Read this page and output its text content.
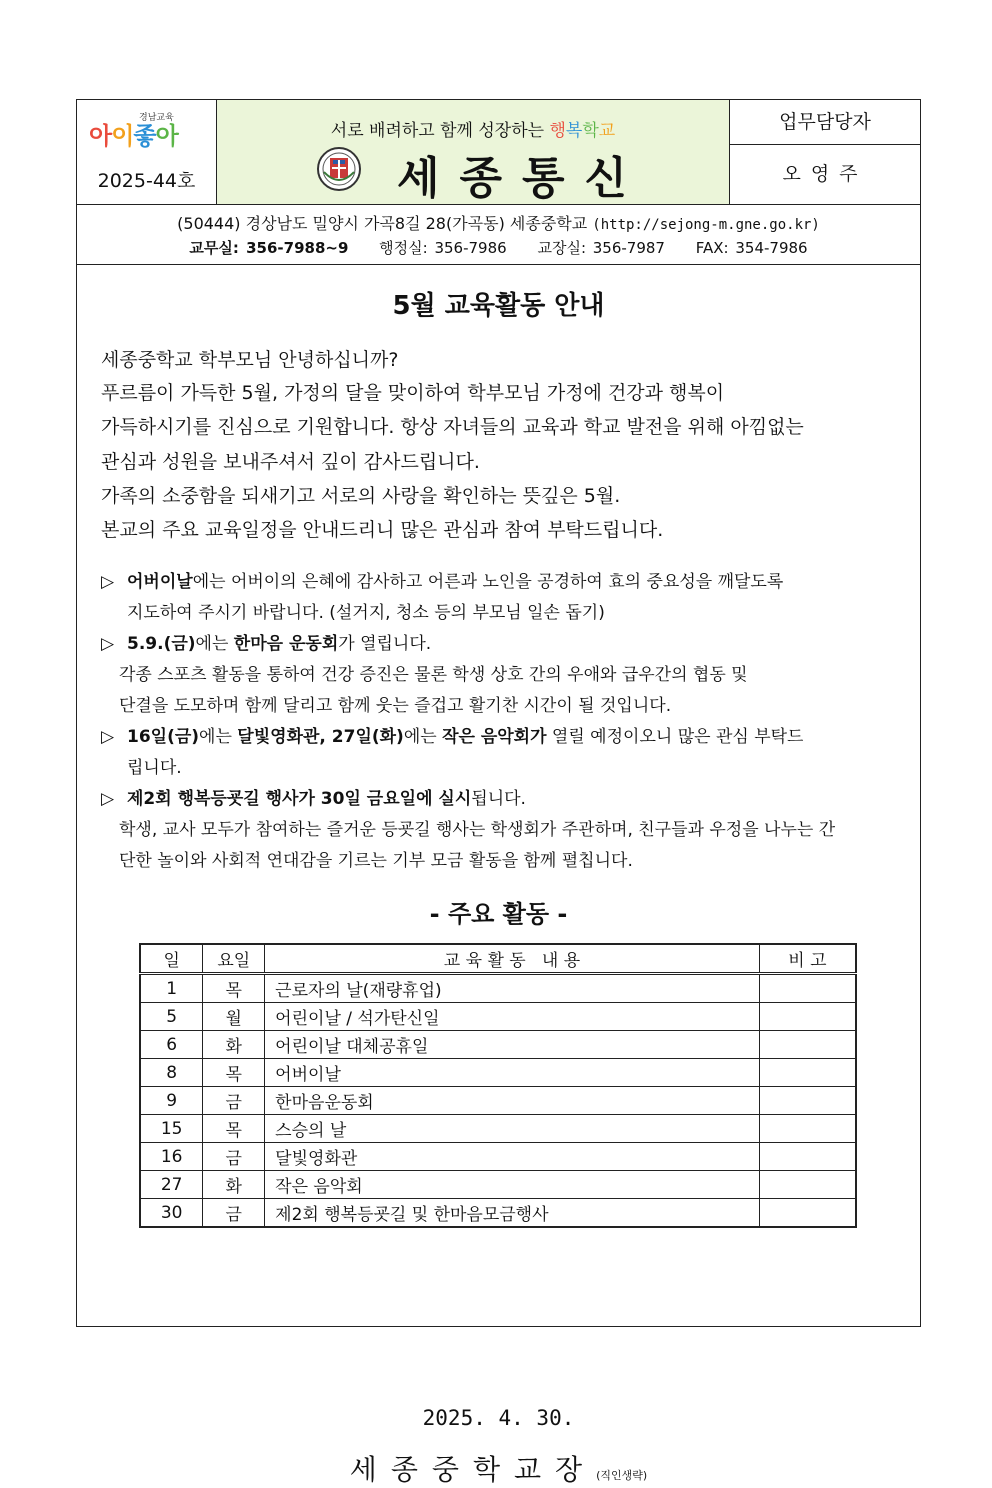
경남교육
아이좋아
2025-44호
서로 배려하고 함께 성장하는 행복학교
세종통신
업무담당자
오영주
(50444) 경상남도 밀양시 가곡8길 28(가곡동) 세종중학교 (http://sejong-m.gne.go.kr)
교무실: 356-7988~9 행정실: 356-7986 교장실: 356-7987 FAX: 354-7986
5월 교육활동 안내
세종중학교 학부모님 안녕하십니까?
푸르름이 가득한 5월, 가정의 달을 맞이하여 학부모님 가정에 건강과 행복이
가득하시기를 진심으로 기원합니다. 항상 자녀들의 교육과 학교 발전을 위해 아낌없는
관심과 성원을 보내주셔서 깊이 감사드립니다.
가족의 소중함을 되새기고 서로의 사랑을 확인하는 뜻깊은 5월.
본교의 주요 교육일정을 안내드리니 많은 관심과 참여 부탁드립니다.
▷ 어버이날에는 어버이의 은혜에 감사하고 어른과 노인을 공경하여 효의 중요성을 깨달도록
지도하여 주시기 바랍니다. (설거지, 청소 등의 부모님 일손 돕기)
▷ 5.9.(금)에는 한마음 운동회가 열립니다.
각종 스포츠 활동을 통하여 건강 증진은 물론 학생 상호 간의 우애와 급우간의 협동 및
단결을 도모하며 함께 달리고 함께 웃는 즐겁고 활기찬 시간이 될 것입니다.
▷ 16일(금)에는 달빛영화관, 27일(화)에는 작은 음악회가 열릴 예정이오니 많은 관심 부탁드
립니다.
▷ 제2회 행복등굣길 행사가 30일 금요일에 실시됩니다.
학생, 교사 모두가 참여하는 즐거운 등굣길 행사는 학생회가 주관하며, 친구들과 우정을 나누는 간
단한 놀이와 사회적 연대감을 기르는 기부 모금 활동을 함께 펼칩니다.
- 주요 활동 -
일	요일	교 육 활 동   내 용	비 고
1	목	근로자의 날(재량휴업)	
5	월	어린이날 / 석가탄신일	
6	화	어린이날 대체공휴일	
8	목	어버이날	
9	금	한마음운동회	
15	목	스승의 날	
16	금	달빛영화관	
27	화	작은 음악회	
30	금	제2회 행복등굣길 및 한마음모금행사	
2025. 4. 30.
세종중학교장(직인생략)
